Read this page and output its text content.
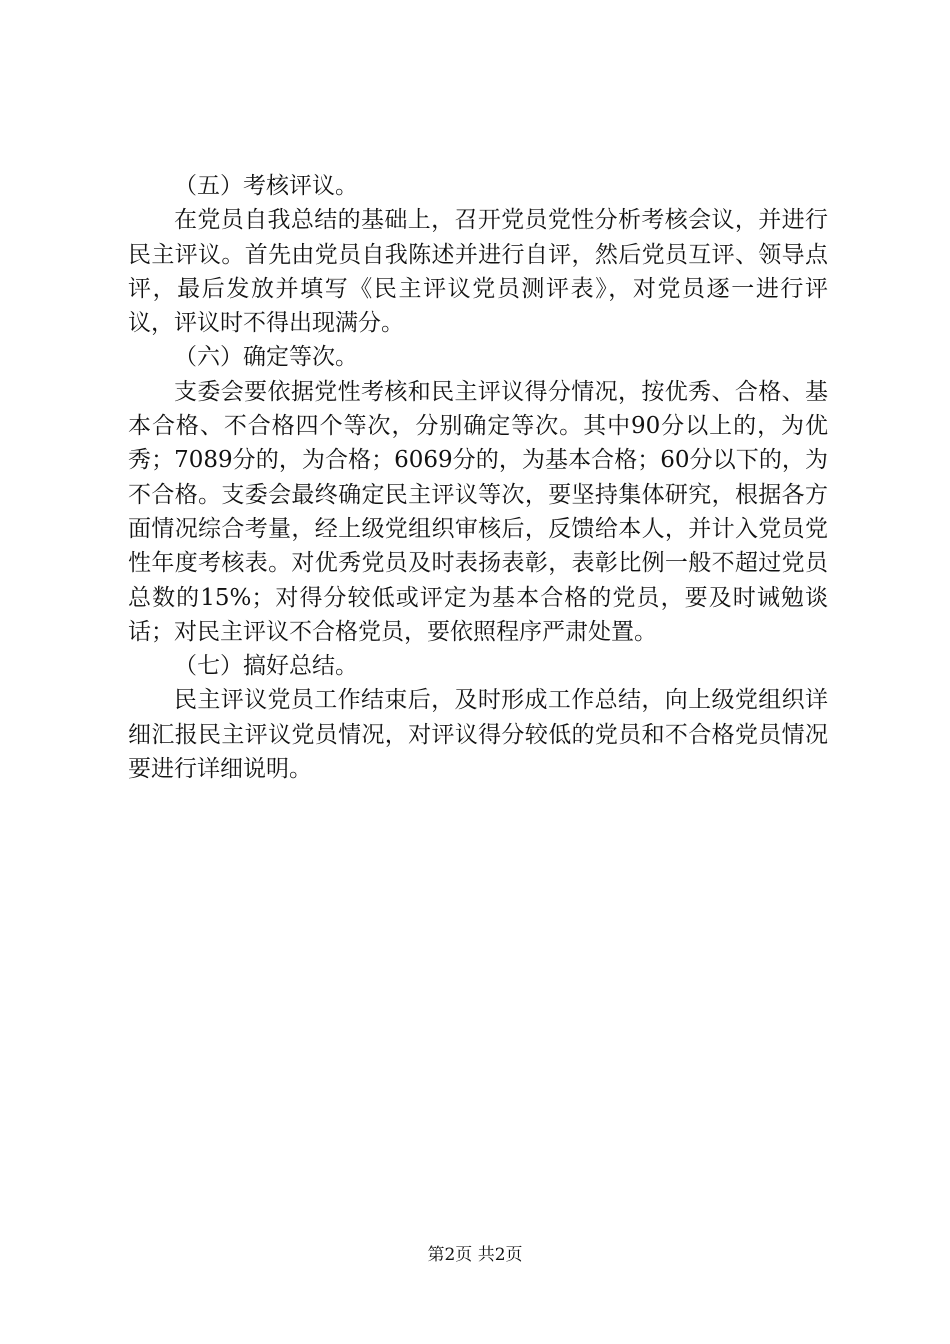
（五）考核评议。

在党员自我总结的基础上，召开党员党性分析考核会议，并进行民主评议。首先由党员自我陈述并进行自评，然后党员互评、领导点评，最后发放并填写《民主评议党员测评表》，对党员逐一进行评议，评议时不得出现满分。

（六）确定等次。

支委会要依据党性考核和民主评议得分情况，按优秀、合格、基本合格、不合格四个等次，分别确定等次。其中90分以上的，为优秀；7089分的，为合格；6069分的，为基本合格；60分以下的，为不合格。支委会最终确定民主评议等次，要坚持集体研究，根据各方面情况综合考量，经上级党组织审核后，反馈给本人，并计入党员党性年度考核表。对优秀党员及时表扬表彰，表彰比例一般不超过党员总数的15%；对得分较低或评定为基本合格的党员，要及时诫勉谈话；对民主评议不合格党员，要依照程序严肃处置。

（七）搞好总结。

民主评议党员工作结束后，及时形成工作总结，向上级党组织详细汇报民主评议党员情况，对评议得分较低的党员和不合格党员情况要进行详细说明。

第2页 共2页
